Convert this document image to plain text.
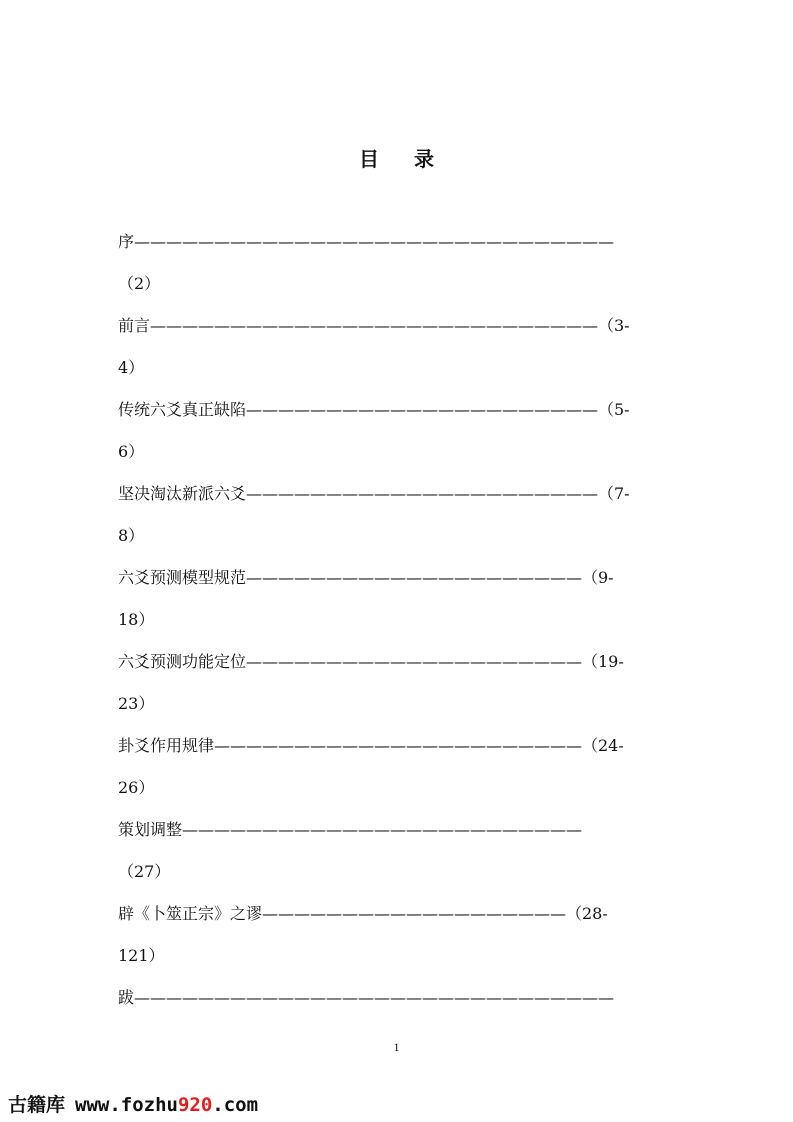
目 录
序——————————————————————————————
（2）
前言————————————————————————————（3-
4）
传统六爻真正缺陷——————————————————————（5-
6）
坚决淘汰新派六爻——————————————————————（7-
8）
六爻预测模型规范—————————————————————（9-
18）
六爻预测功能定位—————————————————————（19-
23）
卦爻作用规律———————————————————————（24-
26）
策划调整—————————————————————————
（27）
辟《卜筮正宗》之谬———————————————————（28-
121）
跋——————————————————————————————
1
古籍库 www.fozhu920.com
